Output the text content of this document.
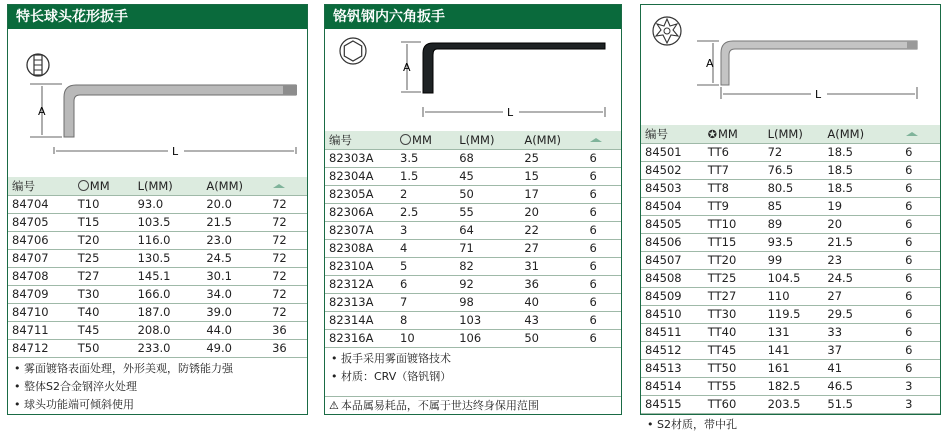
特长球头花形扳手
A
L
编号	MM	L(MM)	A(MM)	
84704	T10	93.0	20.0	72
84705	T15	103.5	21.5	72
84706	T20	116.0	23.0	72
84707	T25	130.5	24.5	72
84708	T27	145.1	30.1	72
84709	T30	166.0	34.0	72
84710	T40	187.0	39.0	72
84711	T45	208.0	44.0	36
84712	T50	233.0	49.0	36
• 雾面镀铬表面处理，外形美观，防锈能力强
• 整体S2合金钢淬火处理
• 球头功能端可倾斜使用
铬钒钢内六角扳手
A
L
编号	MM	L(MM)	A(MM)	
82303A	3.5	68	25	6
82304A	1.5	45	15	6
82305A	2	50	17	6
82306A	2.5	55	20	6
82307A	3	64	22	6
82308A	4	71	27	6
82310A	5	82	31	6
82312A	6	92	36	6
82313A	7	98	40	6
82314A	8	103	43	6
82316A	10	106	50	6
• 扳手采用雾面镀铬技术
• 材质：CRV（铬钒钢）
⚠ 本品属易耗品，不属于世达终身保用范围
A
L
编号	✪MM	L(MM)	A(MM)	
84501	TT6	72	18.5	6
84502	TT7	76.5	18.5	6
84503	TT8	80.5	18.5	6
84504	TT9	85	19	6
84505	TT10	89	20	6
84506	TT15	93.5	21.5	6
84507	TT20	99	23	6
84508	TT25	104.5	24.5	6
84509	TT27	110	27	6
84510	TT30	119.5	29.5	6
84511	TT40	131	33	6
84512	TT45	141	37	6
84513	TT50	161	41	6
84514	TT55	182.5	46.5	3
84515	TT60	203.5	51.5	3
• S2材质，带中孔
